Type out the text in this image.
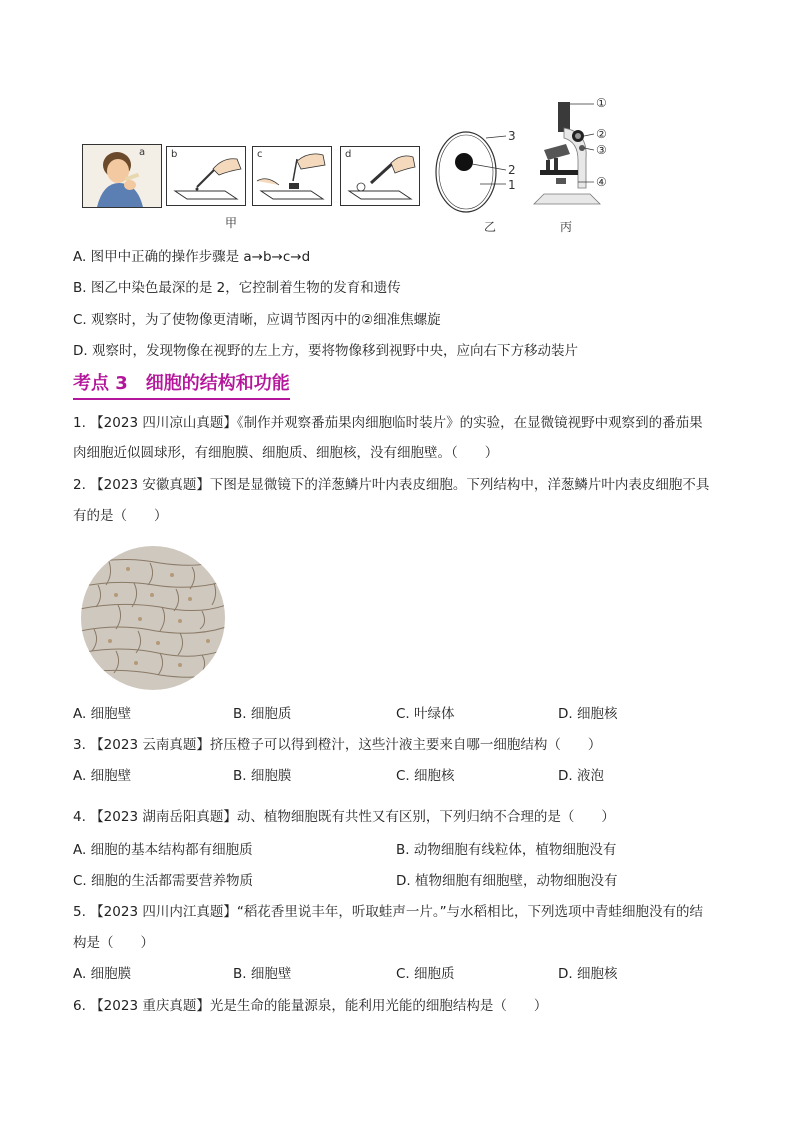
a	b	c	d
甲
3
2
1
乙
①
②
③
④
丙
A. 图甲中正确的操作步骤是 a→b→c→d
B. 图乙中染色最深的是 2，它控制着生物的发育和遗传
C. 观察时，为了使物像更清晰，应调节图丙中的②细准焦螺旋
D. 观察时，发现物像在视野的左上方，要将物像移到视野中央，应向右下方移动装片
考点 3　细胞的结构和功能
1. 【2023 四川凉山真题】《制作并观察番茄果肉细胞临时装片》的实验，在显微镜视野中观察到的番茄果
肉细胞近似圆球形，有细胞膜、细胞质、细胞核，没有细胞壁。（　　）
2. 【2023 安徽真题】下图是显微镜下的洋葱鳞片叶内表皮细胞。下列结构中，洋葱鳞片叶内表皮细胞不具
有的是（　　）
A. 细胞壁	B. 细胞质	C. 叶绿体	D. 细胞核
3. 【2023 云南真题】挤压橙子可以得到橙汁，这些汁液主要来自哪一细胞结构（　　）
A. 细胞壁	B. 细胞膜	C. 细胞核	D. 液泡
4. 【2023 湖南岳阳真题】动、植物细胞既有共性又有区别，下列归纳不合理的是（　　）
A. 细胞的基本结构都有细胞质	B. 动物细胞有线粒体，植物细胞没有
C. 细胞的生活都需要营养物质	D. 植物细胞有细胞壁，动物细胞没有
5. 【2023 四川内江真题】“稻花香里说丰年，听取蛙声一片。”与水稻相比，下列选项中青蛙细胞没有的结
构是（　　）
A. 细胞膜	B. 细胞壁	C. 细胞质	D. 细胞核
6. 【2023 重庆真题】光是生命的能量源泉，能利用光能的细胞结构是（　　）
